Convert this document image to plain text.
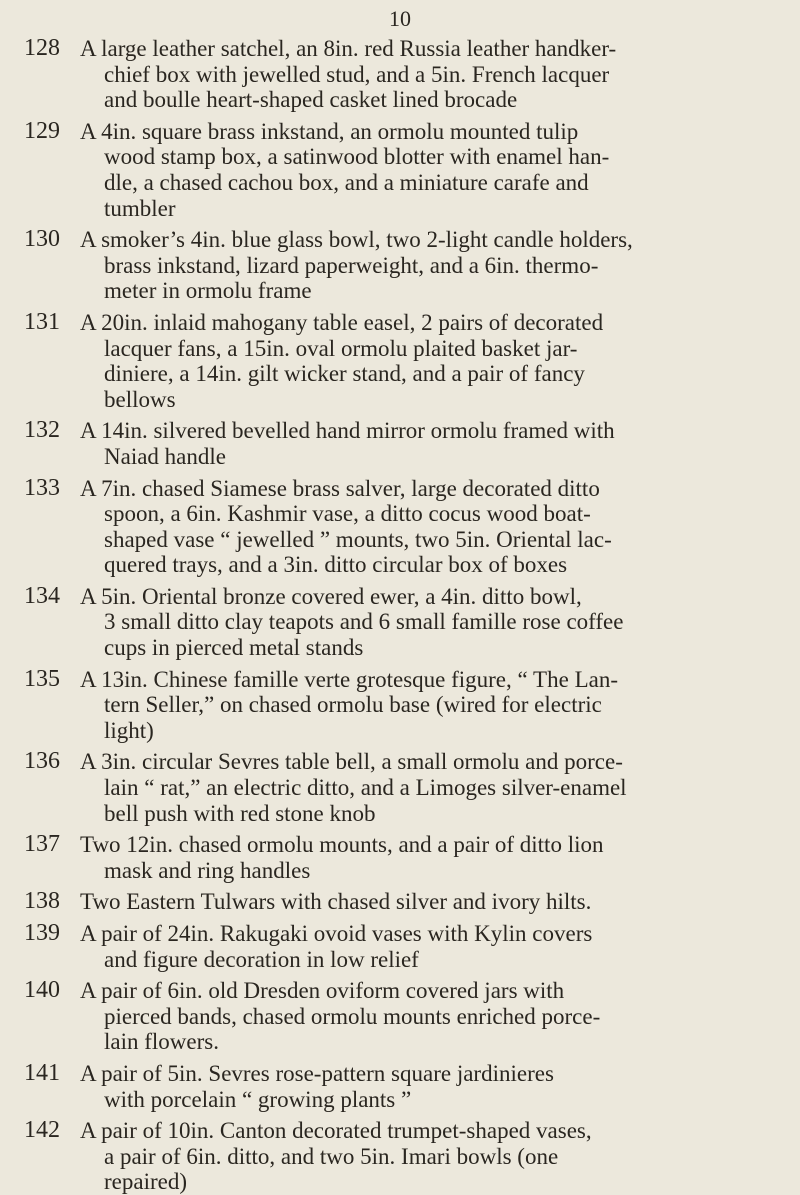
10
128 A large leather satchel, an 8in. red Russia leather handker-
chief box with jewelled stud, and a 5in. French lacquer
and boulle heart-shaped casket lined brocade
129 A 4in. square brass inkstand, an ormolu mounted tulip
wood stamp box, a satinwood blotter with enamel han-
dle, a chased cachou box, and a miniature carafe and
tumbler
130 A smoker’s 4in. blue glass bowl, two 2-light candle holders,
brass inkstand, lizard paperweight, and a 6in. thermo-
meter in ormolu frame
131 A 20in. inlaid mahogany table easel, 2 pairs of decorated
lacquer fans, a 15in. oval ormolu plaited basket jar-
diniere, a 14in. gilt wicker stand, and a pair of fancy
bellows
132 A 14in. silvered bevelled hand mirror ormolu framed with
Naiad handle
133 A 7in. chased Siamese brass salver, large decorated ditto
spoon, a 6in. Kashmir vase, a ditto cocus wood boat-
shaped vase “ jewelled ” mounts, two 5in. Oriental lac-
quered trays, and a 3in. ditto circular box of boxes
134 A 5in. Oriental bronze covered ewer, a 4in. ditto bowl,
3 small ditto clay teapots and 6 small famille rose coffee
cups in pierced metal stands
135 A 13in. Chinese famille verte grotesque figure, “ The Lan-
tern Seller,” on chased ormolu base (wired for electric
light)
136 A 3in. circular Sevres table bell, a small ormolu and porce-
lain “ rat,” an electric ditto, and a Limoges silver-enamel
bell push with red stone knob
137 Two 12in. chased ormolu mounts, and a pair of ditto lion
mask and ring handles
138 Two Eastern Tulwars with chased silver and ivory hilts.
139 A pair of 24in. Rakugaki ovoid vases with Kylin covers
and figure decoration in low relief
140 A pair of 6in. old Dresden oviform covered jars with
pierced bands, chased ormolu mounts enriched porce-
lain flowers.
141 A pair of 5in. Sevres rose-pattern square jardinieres
with porcelain “ growing plants ”
142 A pair of 10in. Canton decorated trumpet-shaped vases,
a pair of 6in. ditto, and two 5in. Imari bowls (one
repaired)
